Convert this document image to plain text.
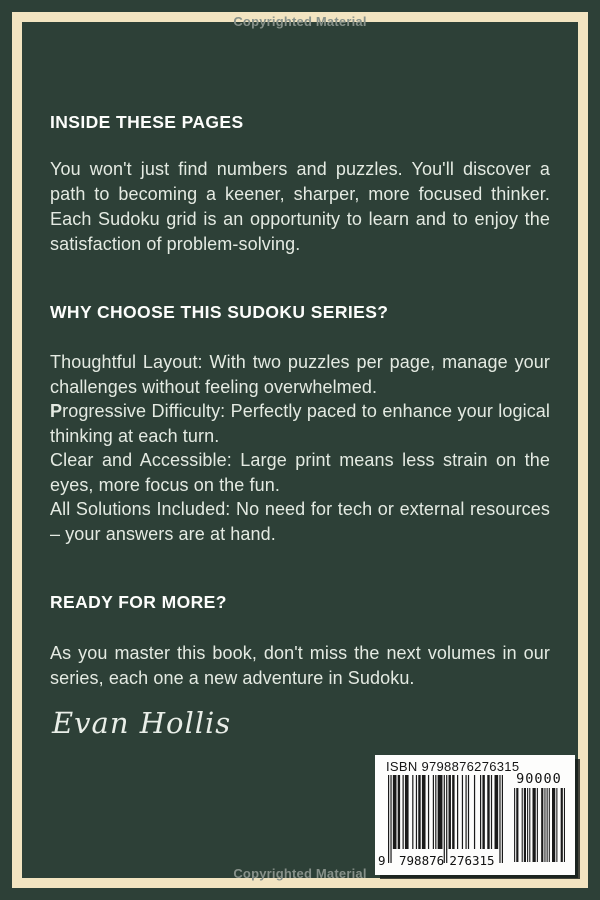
Copyrighted Material
INSIDE THESE PAGES
You won't just find numbers and puzzles. You'll discover a path to becoming a keener, sharper, more focused thinker. Each Sudoku grid is an opportunity to learn and to enjoy the satisfaction of problem-solving.
WHY CHOOSE THIS SUDOKU SERIES?
Thoughtful Layout: With two puzzles per page, manage your challenges without feeling overwhelmed.
Progressive Difficulty: Perfectly paced to enhance your logical thinking at each turn.
Clear and Accessible: Large print means less strain on the eyes, more focus on the fun.
All Solutions Included: No need for tech or external resources – your answers are at hand.
READY FOR MORE?
As you master this book, don't miss the next volumes in our series, each one a new adventure in Sudoku.
Evan Hollis
ISBN 9798876276315
9 798876 276315
90000
Copyrighted Material
